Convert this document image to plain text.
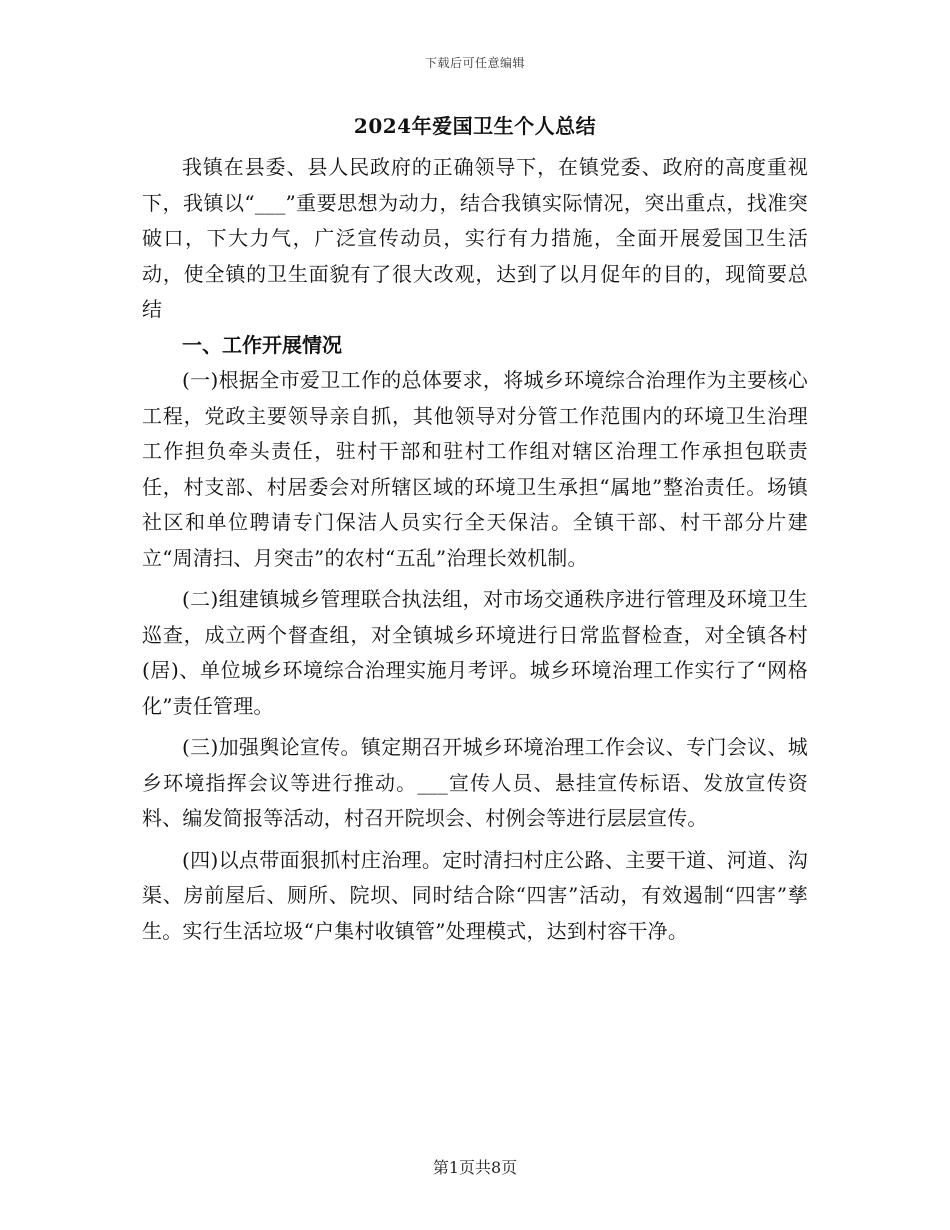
下载后可任意编辑
2024年爱国卫生个人总结

我镇在县委、县人民政府的正确领导下，在镇党委、政府的高度重视下，我镇以“___”重要思想为动力，结合我镇实际情况，突出重点，找准突破口，下大力气，广泛宣传动员，实行有力措施，全面开展爱国卫生活动，使全镇的卫生面貌有了很大改观，达到了以月促年的目的，现简要总结

一、工作开展情况

(一)根据全市爱卫工作的总体要求，将城乡环境综合治理作为主要核心工程，党政主要领导亲自抓，其他领导对分管工作范围内的环境卫生治理工作担负牵头责任，驻村干部和驻村工作组对辖区治理工作承担包联责任，村支部、村居委会对所辖区域的环境卫生承担“属地”整治责任。场镇社区和单位聘请专门保洁人员实行全天保洁。全镇干部、村干部分片建立“周清扫、月突击”的农村“五乱”治理长效机制。

(二)组建镇城乡管理联合执法组，对市场交通秩序进行管理及环境卫生巡查，成立两个督查组，对全镇城乡环境进行日常监督检查，对全镇各村(居)、单位城乡环境综合治理实施月考评。城乡环境治理工作实行了“网格化”责任管理。

(三)加强舆论宣传。镇定期召开城乡环境治理工作会议、专门会议、城乡环境指挥会议等进行推动。___宣传人员、悬挂宣传标语、发放宣传资料、编发简报等活动，村召开院坝会、村例会等进行层层宣传。

(四)以点带面狠抓村庄治理。定时清扫村庄公路、主要干道、河道、沟渠、房前屋后、厕所、院坝、同时结合除“四害”活动，有效遏制“四害”孳生。实行生活垃圾“户集村收镇管”处理模式，达到村容干净。

第1页共8页
